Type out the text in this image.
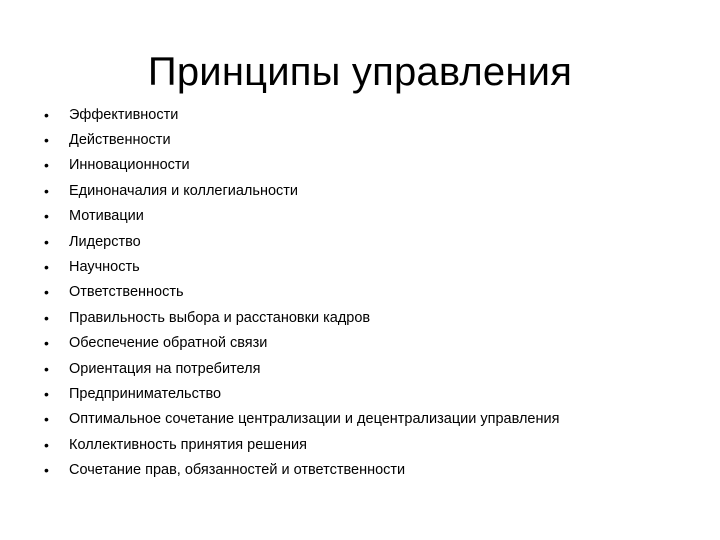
Принципы управления
• Эффективности
• Действенности
• Инновационности
• Единоначалия и коллегиальности
• Мотивации
• Лидерство
• Научность
• Ответственность
• Правильность выбора и расстановки кадров
• Обеспечение обратной связи
• Ориентация на потребителя
• Предпринимательство
• Оптимальное сочетание централизации и децентрализации управления
• Коллективность принятия решения
• Сочетание прав, обязанностей и ответственности
